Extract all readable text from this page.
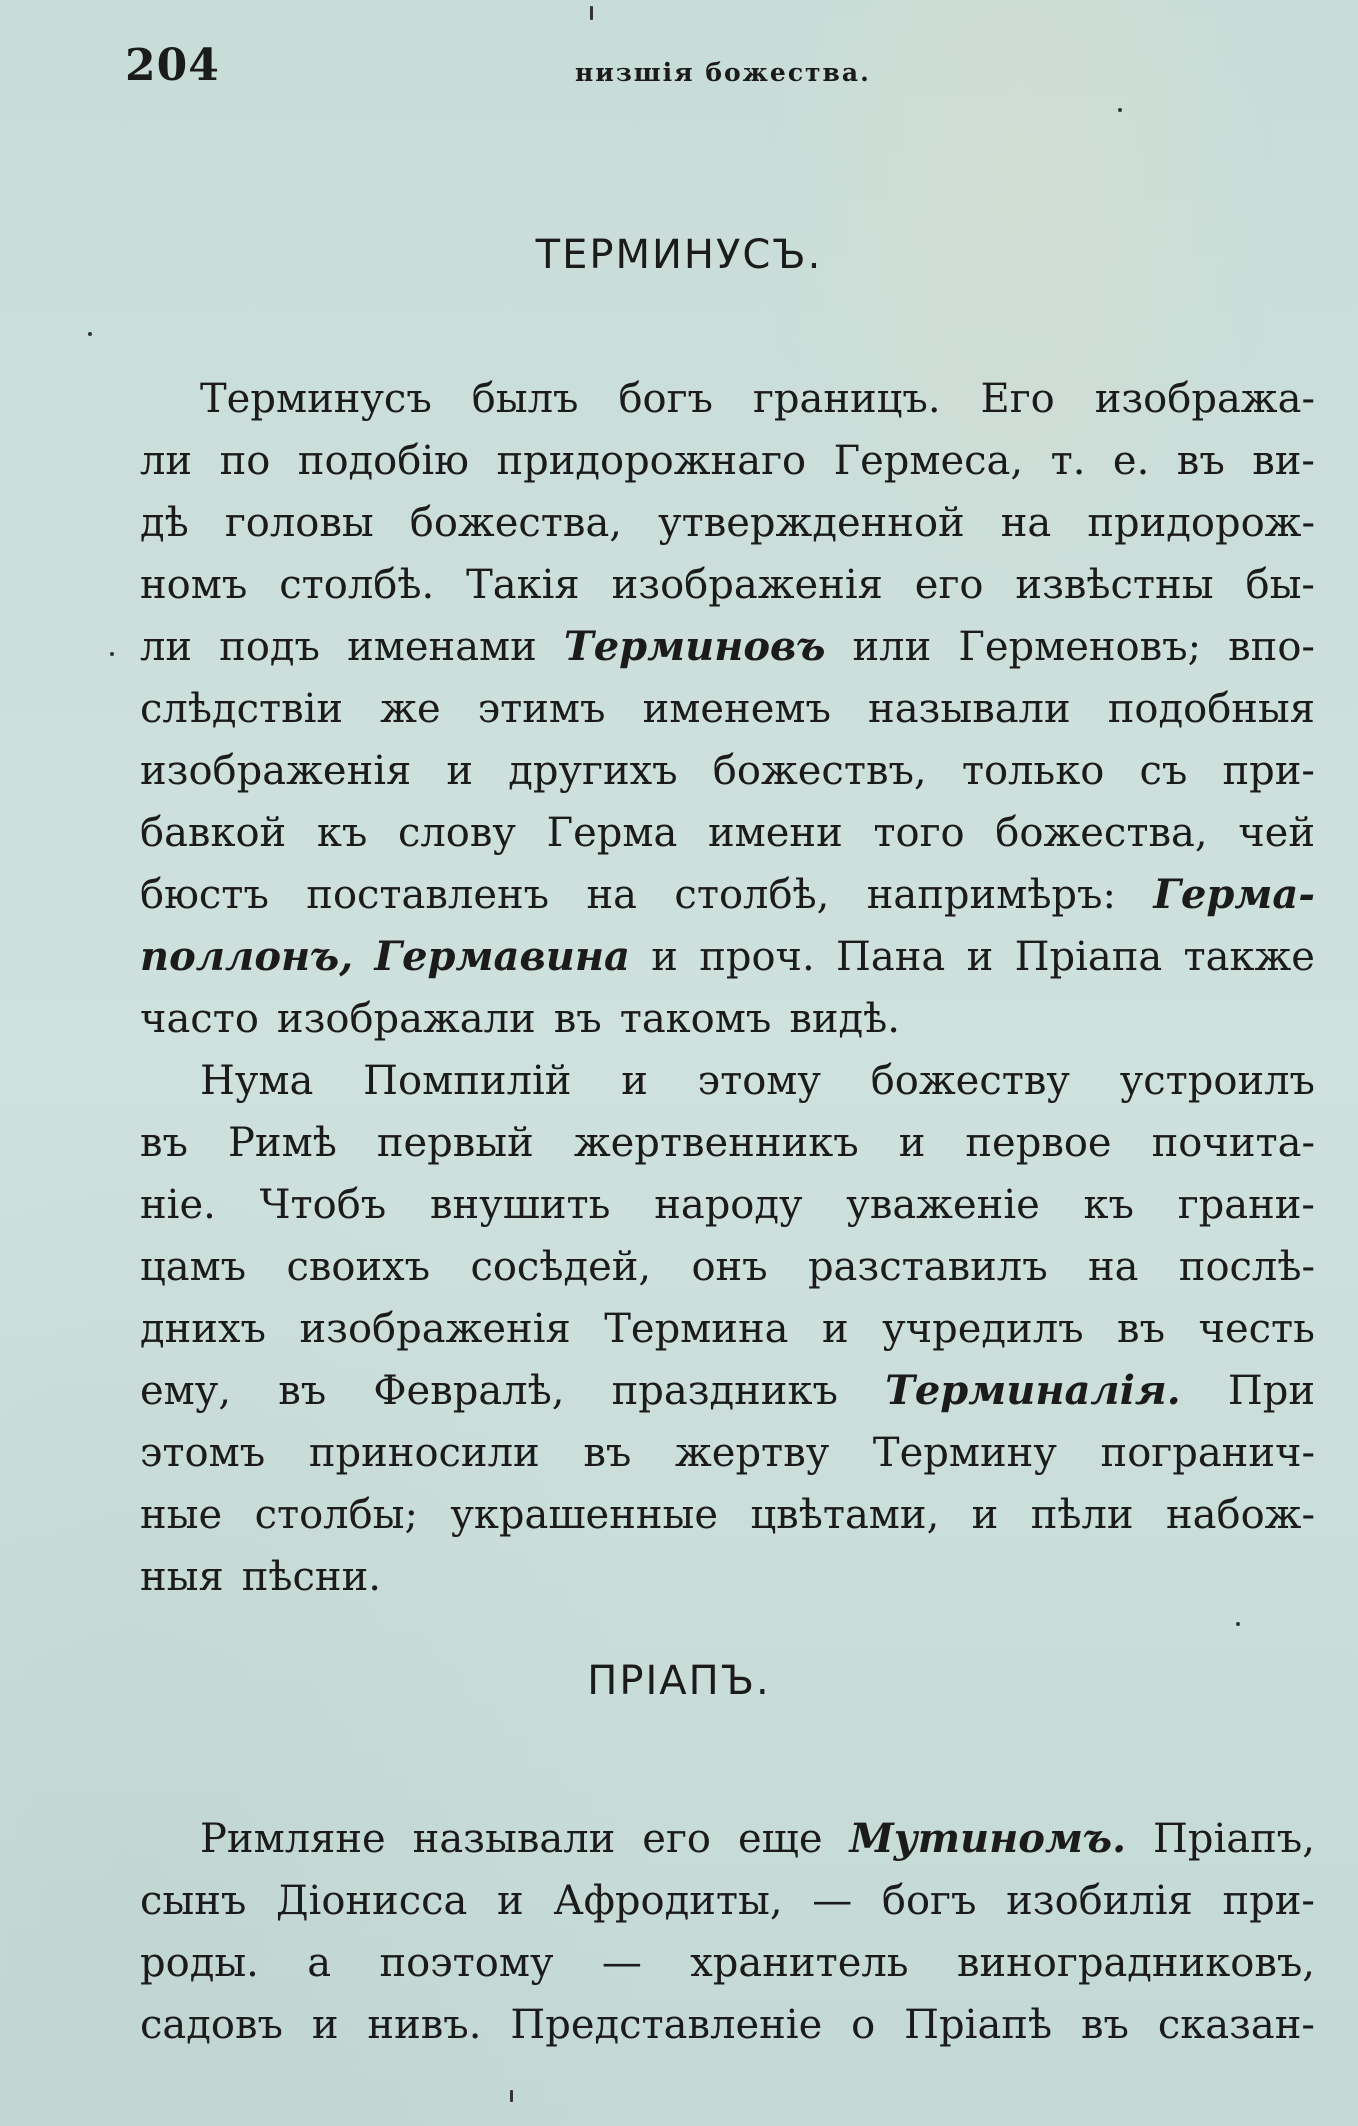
204	низшія божества.
ТЕРМИНУСЪ.
Терминусъ былъ богъ границъ. Его изобража-
ли по подобію придорожнаго Гермеса, т. е. въ ви-
дѣ головы божества, утвержденной на придорож-
номъ столбѣ. Такія изображенія его извѣстны бы-
ли подъ именами Терминовъ или Герменовъ; впо-
слѣдствіи же этимъ именемъ называли подобныя
изображенія и другихъ божествъ, только съ при-
бавкой къ слову Герма имени того божества, чей
бюстъ поставленъ на столбѣ, напримѣръ: Герма-
поллонъ, Гермавина и проч. Пана и Пріапа также
часто изображали въ такомъ видѣ.
Нума Помпилій и этому божеству устроилъ
въ Римѣ первый жертвенникъ и первое почита-
ніе. Чтобъ внушить народу уваженіе къ грани-
цамъ своихъ сосѣдей, онъ разставилъ на послѣ-
днихъ изображенія Термина и учредилъ въ честь
ему, въ Февралѣ, праздникъ Терминалія. При
этомъ приносили въ жертву Термину погранич-
ные столбы; украшенные цвѣтами, и пѣли набож-
ныя пѣсни.
ПРІАПЪ.
Римляне называли его еще Мутиномъ. Пріапъ,
сынъ Діонисса и Афродиты, — богъ изобилія при-
роды. а поэтому — хранитель виноградниковъ,
садовъ и нивъ. Представленіе о Пріапѣ въ сказан-
